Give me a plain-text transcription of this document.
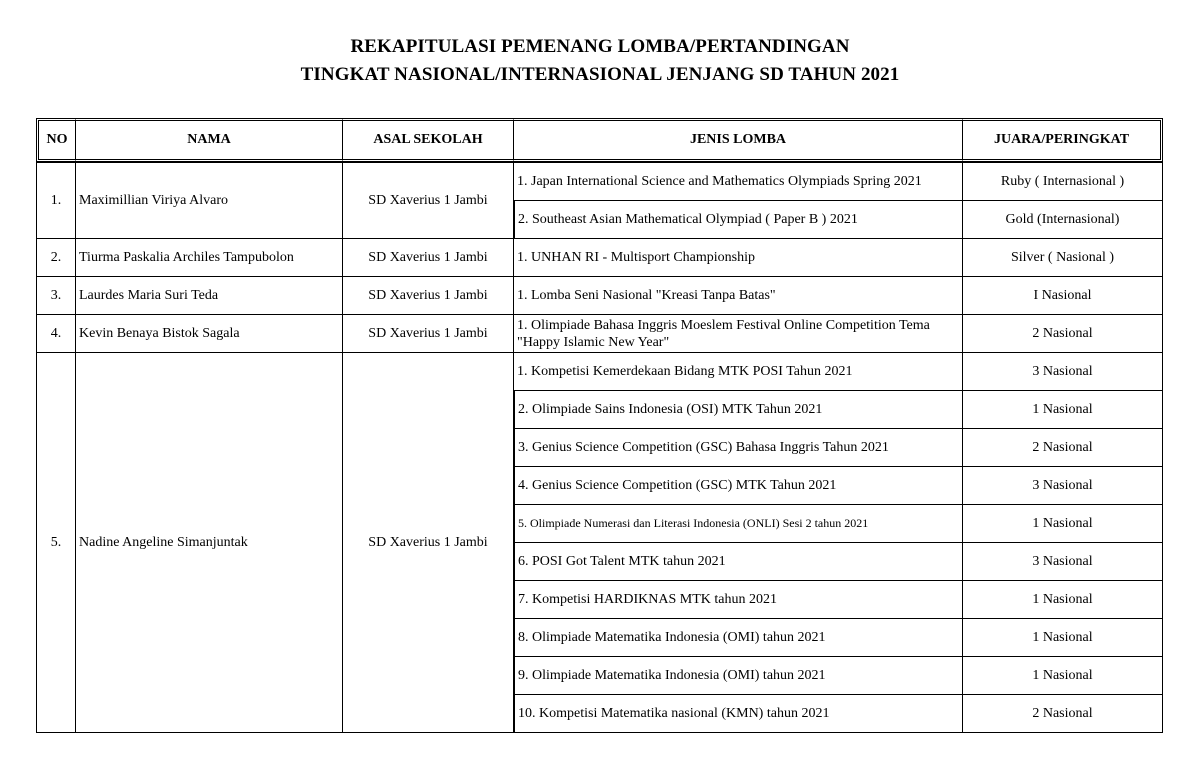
REKAPITULASI PEMENANG LOMBA/PERTANDINGAN
TINGKAT NASIONAL/INTERNASIONAL JENJANG SD TAHUN 2021
NO	NAMA	ASAL SEKOLAH	JENIS LOMBA	JUARA/PERINGKAT
1.	Maximillian Viriya Alvaro	SD Xaverius 1 Jambi	1. Japan International Science and Mathematics Olympiads Spring 2021	Ruby ( Internasional )
			2. Southeast Asian Mathematical Olympiad ( Paper B ) 2021	Gold (Internasional)
2.	Tiurma Paskalia Archiles Tampubolon	SD Xaverius 1 Jambi	1. UNHAN RI - Multisport Championship	Silver ( Nasional )
3.	Laurdes Maria Suri Teda	SD Xaverius 1 Jambi	1. Lomba Seni Nasional "Kreasi Tanpa Batas"	I Nasional
4.	Kevin Benaya Bistok Sagala	SD Xaverius 1 Jambi	1. Olimpiade Bahasa Inggris Moeslem Festival Online Competition Tema "Happy Islamic New Year"	2 Nasional
5.	Nadine Angeline Simanjuntak	SD Xaverius 1 Jambi	1. Kompetisi Kemerdekaan Bidang MTK POSI Tahun 2021	3 Nasional
			2. Olimpiade Sains Indonesia (OSI) MTK Tahun 2021	1 Nasional
			3. Genius Science Competition (GSC) Bahasa Inggris Tahun 2021	2 Nasional
			4. Genius Science Competition (GSC) MTK Tahun 2021	3 Nasional
			5. Olimpiade Numerasi dan Literasi Indonesia (ONLI) Sesi 2 tahun 2021	1 Nasional
			6. POSI Got Talent MTK tahun 2021	3 Nasional
			7. Kompetisi HARDIKNAS MTK tahun 2021	1 Nasional
			8. Olimpiade Matematika Indonesia (OMI) tahun 2021	1 Nasional
			9. Olimpiade Matematika Indonesia (OMI) tahun 2021	1 Nasional
			10. Kompetisi Matematika nasional (KMN) tahun 2021	2 Nasional
